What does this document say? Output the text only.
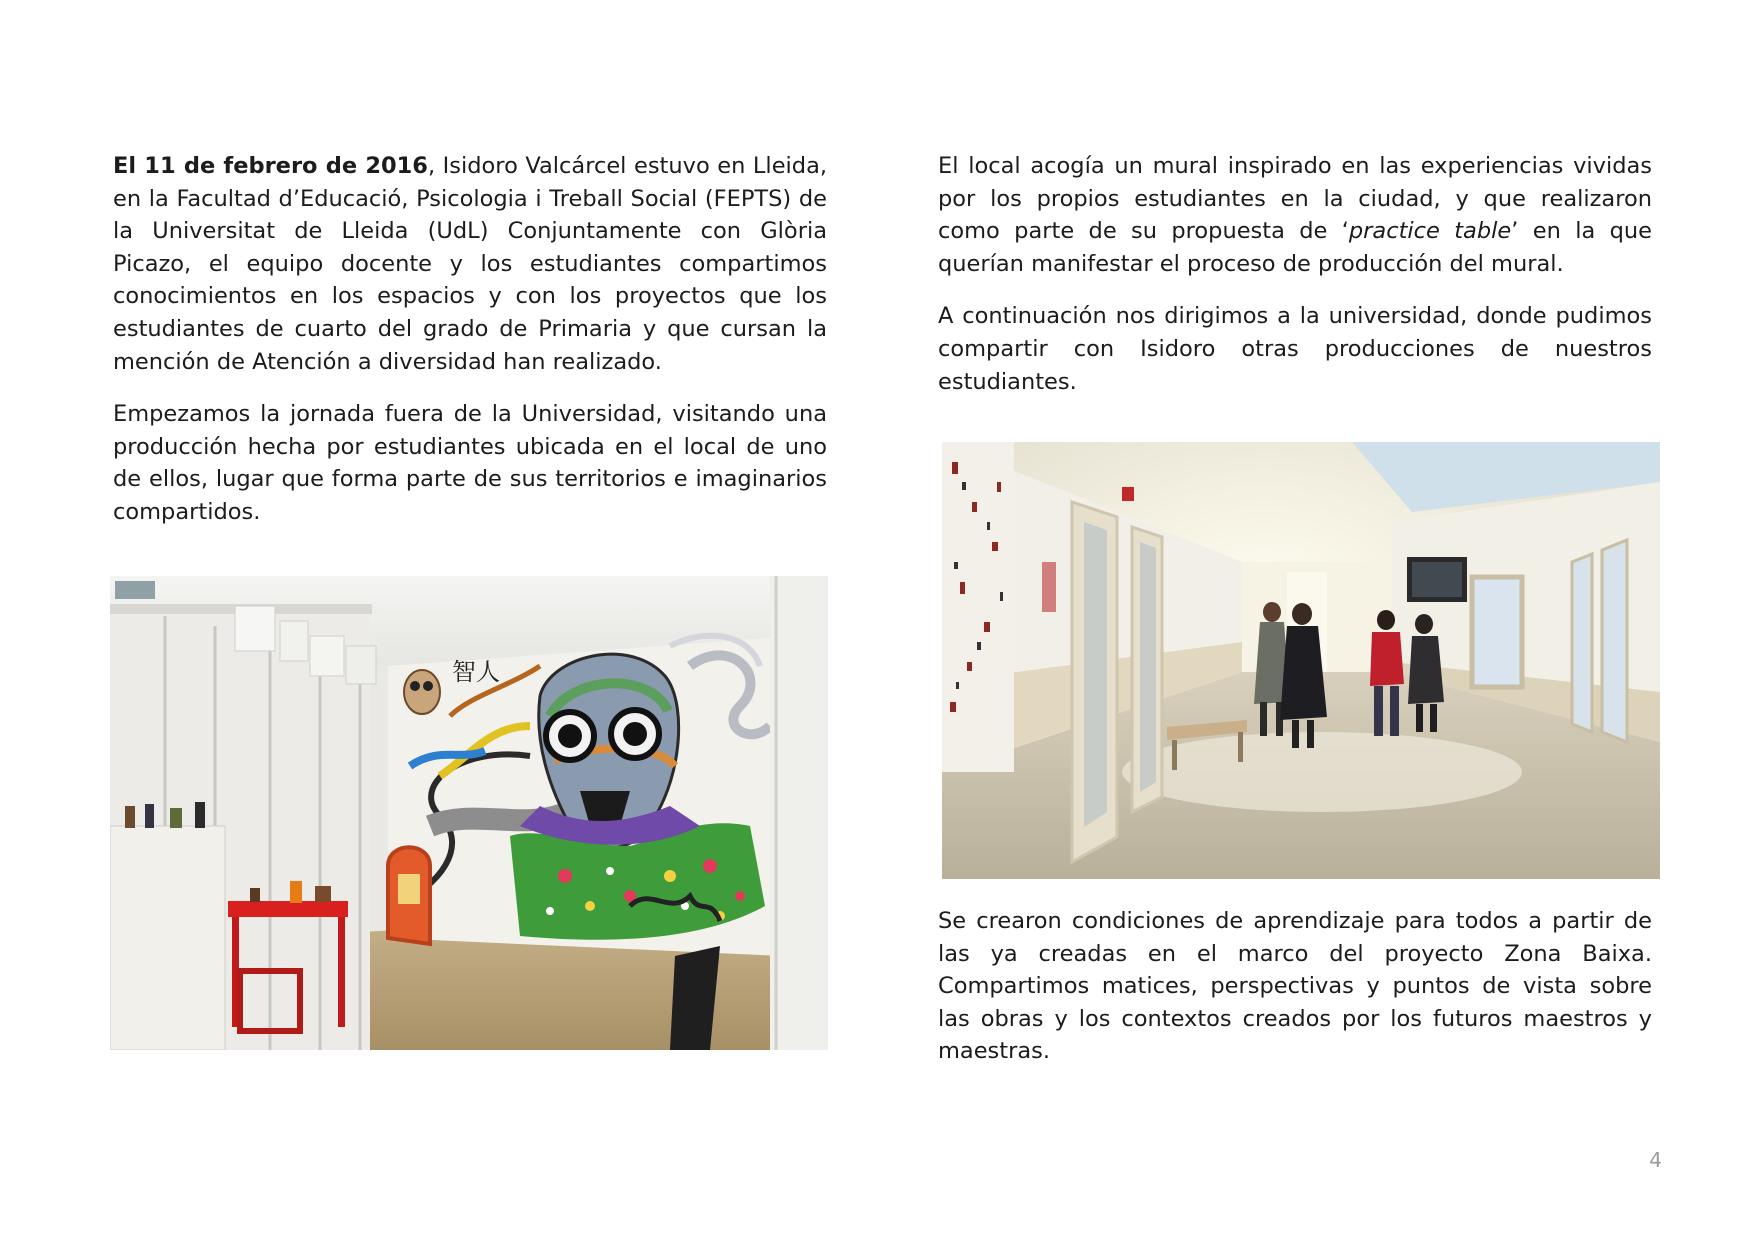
El 11 de febrero de 2016, Isidoro Valcárcel estuvo en Lleida, en la Facultad d’Educació, Psicologia i Treball Social (FEPTS) de la Universitat de Lleida (UdL) Conjuntamente con Glòria Picazo, el equipo docente y los estudiantes compartimos conocimientos en los espacios y con los proyectos que los estudiantes de cuarto del grado de Primaria y que cursan la mención de Atención a diversidad han realizado.

Empezamos la jornada fuera de la Universidad, visitando una producción hecha por estudiantes ubicada en el local de uno de ellos, lugar que forma parte de sus territorios e imaginarios compartidos.

智人

El local acogía un mural inspirado en las experiencias vividas por los propios estudiantes en la ciudad, y que realizaron como parte de su propuesta de ‘practice table’ en la que querían manifestar el proceso de producción del mural.

A continuación nos dirigimos a la universidad, donde pudimos compartir con Isidoro otras producciones de nuestros estudiantes.

Se crearon condiciones de aprendizaje para todos a partir de las ya creadas en el marco del proyecto Zona Baixa. Compartimos matices, perspectivas y puntos de vista sobre las obras y los contextos creados por los futuros maestros y maestras.

4
